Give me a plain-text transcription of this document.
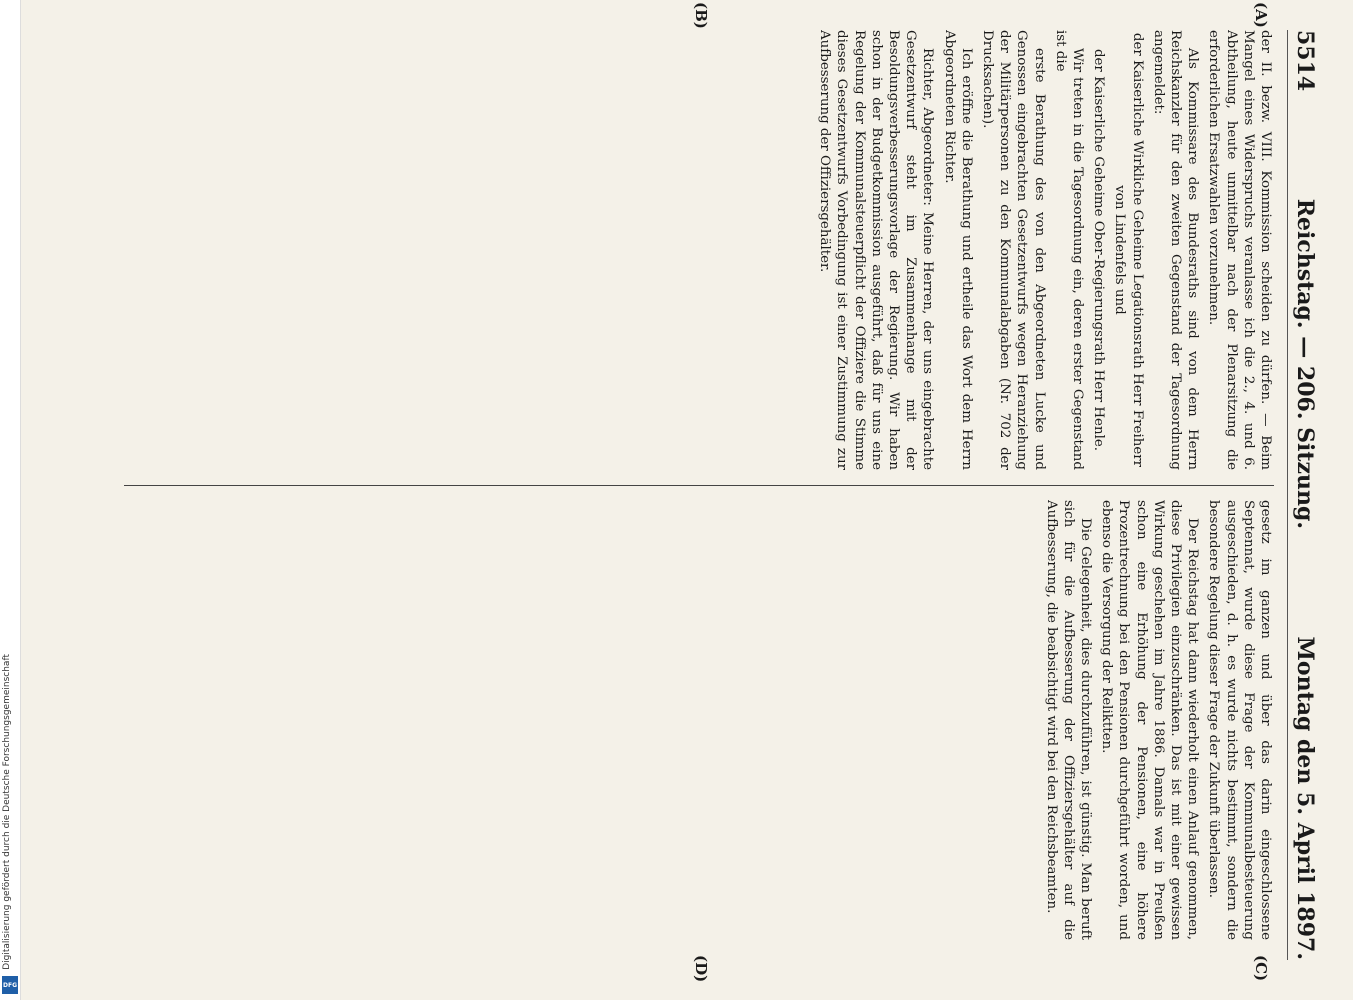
Digitalisierung gefördert durch die Deutsche Forschungsgemeinschaft
DFG
5514
Reichstag. — 206. Sitzung.
Montag den 5. April 1897.
(A)
(B)
(C)
(D)

der II. bezw. VIII. Kommission scheiden zu dürfen. — Beim Mangel eines Widerspruchs veranlasse ich die 2., 4. und 6. Abtheilung, heute unmittelbar nach der Plenarsitzung die erforderlichen Ersatzwahlen vorzunehmen.

Als Kommissare des Bundesraths sind von dem Herrn Reichskanzler für den zweiten Gegenstand der Tagesordnung angemeldet:

der Kaiserliche Wirkliche Geheime Legationsrath Herr Freiherr von Lindenfels und

der Kaiserliche Geheime Ober-Regierungsrath Herr Henle.

Wir treten in die Tagesordnung ein, deren erster Gegenstand ist die

erste Berathung des von den Abgeordneten Lucke und Genossen eingebrachten Gesetzentwurfs wegen Heranziehung der Militärpersonen zu den Kommunalabgaben (Nr. 702 der Drucksachen).

Ich eröffne die Berathung und ertheile das Wort dem Herrn Abgeordneten Richter.

Richter, Abgeordneter: Meine Herren, der uns eingebrachte Gesetzentwurf steht im Zusammenhange mit der Besoldungsverbesserungsvorlage der Regierung. Wir haben schon in der Budgetkommission ausgeführt, daß für uns eine Regelung der Kommunalsteuerpflicht der Offiziere die Stimme dieses Gesetzentwurfs Vorbedingung ist einer Zustimmung zur Aufbesserung der Offiziersgehälter.

gesetz im ganzen und über das darin eingeschlossene Septennat, wurde diese Frage der Kommunalbesteuerung ausgeschieden, d. h. es wurde nichts bestimmt, sondern die besondere Regelung dieser Frage der Zukunft überlassen.

Der Reichstag hat dann wiederholt einen Anlauf genommen, diese Privilegien einzuschränken. Das ist mit einer gewissen Wirkung geschehen im Jahre 1886. Damals war in Preußen schon eine Erhöhung der Pensionen, eine höhere Prozentrechnung bei den Pensionen durchgeführt worden, und ebenso die Versorgung der Reliktten.

Die Gelegenheit, dies durchzuführen, ist günstig. Man beruft sich für die Aufbesserung der Offiziersgehälter auf die Aufbesserung, die beabsichtigt wird bei den Reichsbeamten.
